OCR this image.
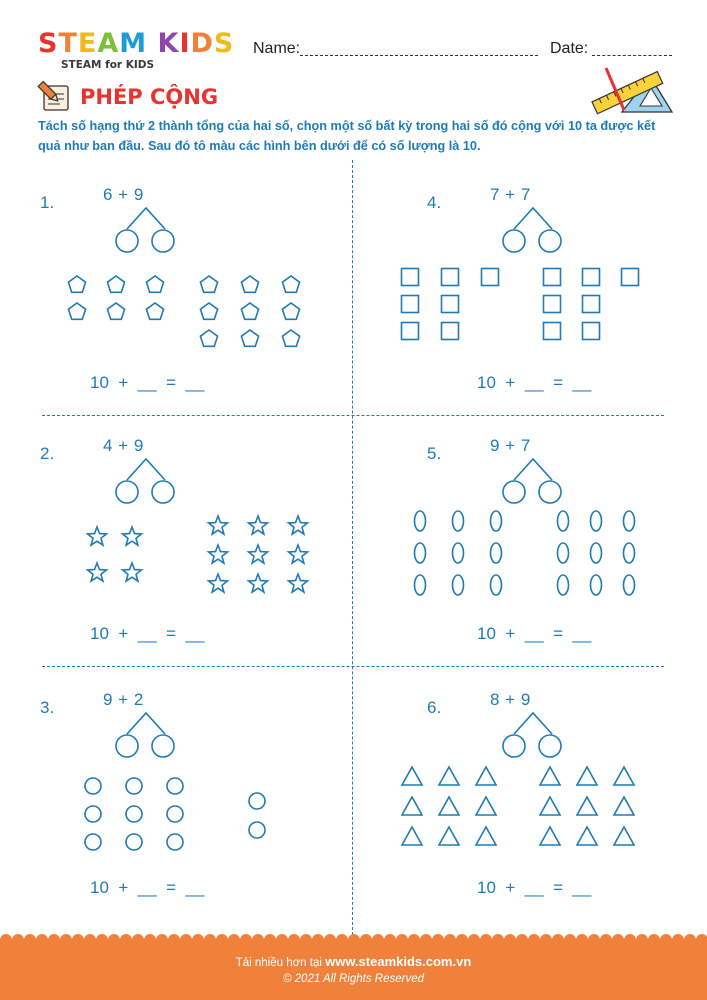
STEAM KIDS
STEAM for KIDS
Name:	Date:
PHÉP CỘNG
Tách số hạng thứ 2 thành tổng của hai số, chọn một số bất kỳ trong hai số đó cộng với 10 ta được kết quả như ban đầu. Sau đó tô màu các hình bên dưới để có số lượng là 10.
1.	6 + 9
10  +  __  =  __
2.	4 + 9
10  +  __  =  __
3.	9 + 2
10  +  __  =  __
4.	7 + 7
10  +  __  =  __
5.	9 + 7
10  +  __  =  __
6.	8 + 9
10  +  __  =  __
Tải nhiều hơn tại www.steamkids.com.vn
© 2021 All Rights Reserved
